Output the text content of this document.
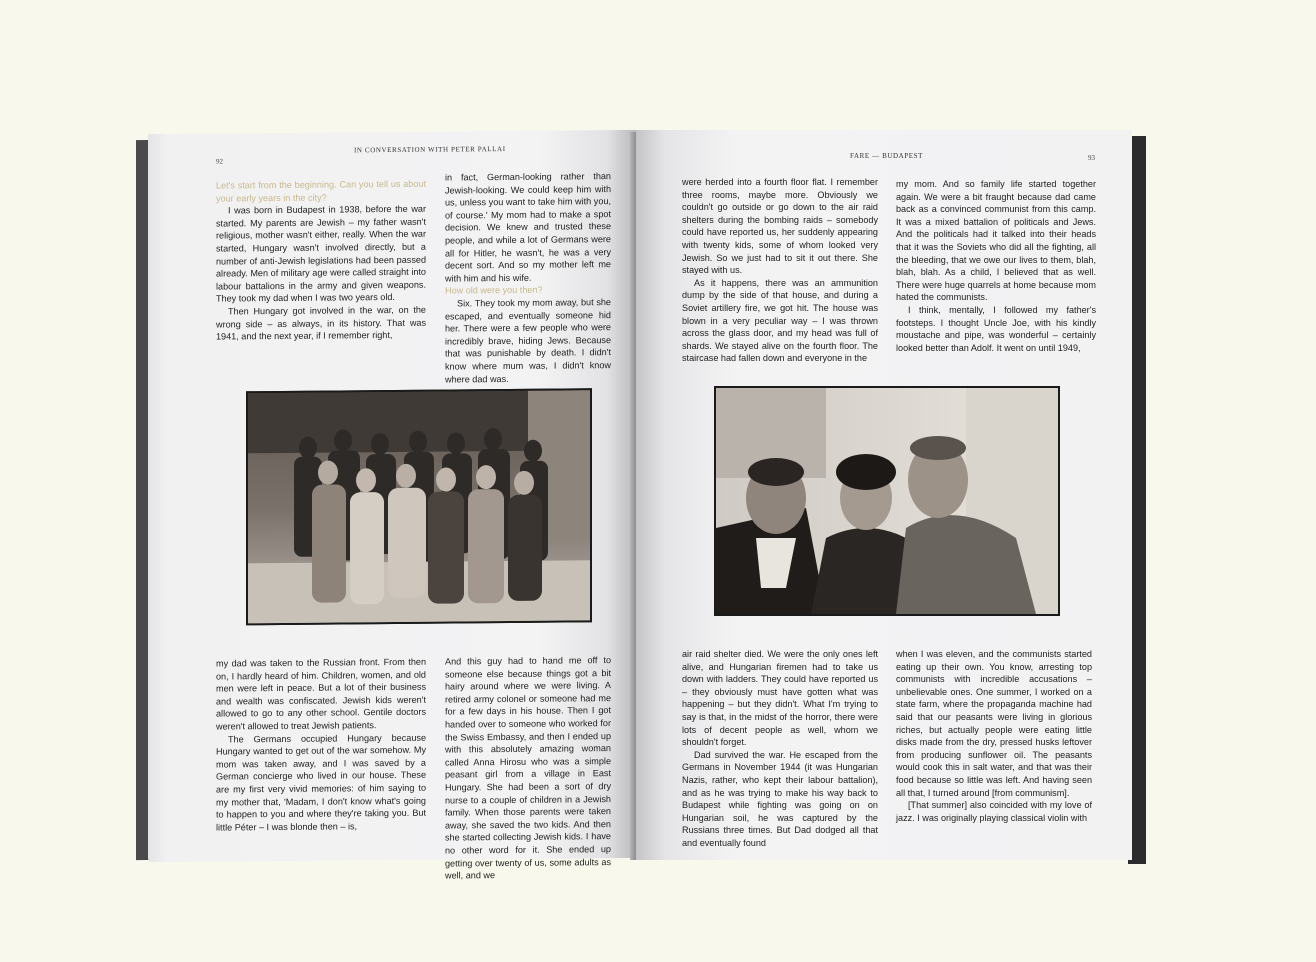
IN CONVERSATION WITH PETER PALLAI
92

Let's start from the beginning. Can you tell us about your early years in the city?

I was born in Budapest in 1938, before the war started. My parents are Jewish – my father wasn't religious, mother wasn't either, really. When the war started, Hungary wasn't involved directly, but a number of anti-Jewish legislations had been passed already. Men of military age were called straight into labour battalions in the army and given weapons. They took my dad when I was two years old.

Then Hungary got involved in the war, on the wrong side – as always, in its history. That was 1941, and the next year, if I remember right,

in fact, German-looking rather than Jewish-looking. We could keep him with us, unless you want to take him with you, of course.' My mom had to make a spot decision. We knew and trusted these people, and while a lot of Germans were all for Hitler, he wasn't, he was a very decent sort. And so my mother left me with him and his wife.

How old were you then?

Six. They took my mom away, but she escaped, and eventually someone hid her. There were a few people who were incredibly brave, hiding Jews. Because that was punishable by death. I didn't know where mum was, I didn't know where dad was.

my dad was taken to the Russian front. From then on, I hardly heard of him. Children, women, and old men were left in peace. But a lot of their business and wealth was confiscated. Jewish kids weren't allowed to go to any other school. Gentile doctors weren't allowed to treat Jewish patients.

The Germans occupied Hungary because Hungary wanted to get out of the war somehow. My mom was taken away, and I was saved by a German concierge who lived in our house. These are my first very vivid memories: of him saying to my mother that, 'Madam, I don't know what's going to happen to you and where they're taking you. But little Péter – I was blonde then – is,

And this guy had to hand me off to someone else because things got a bit hairy around where we were living. A retired army colonel or someone had me for a few days in his house. Then I got handed over to someone who worked for the Swiss Embassy, and then I ended up with this absolutely amazing woman called Anna Hirosu who was a simple peasant girl from a village in East Hungary. She had been a sort of dry nurse to a couple of children in a Jewish family. When those parents were taken away, she saved the two kids. And then she started collecting Jewish kids. I have no other word for it. She ended up getting over twenty of us, some adults as well, and we

FARE — BUDAPEST	93

were herded into a fourth floor flat. I remember three rooms, maybe more. Obviously we couldn't go outside or go down to the air raid shelters during the bombing raids – somebody could have reported us, her suddenly appearing with twenty kids, some of whom looked very Jewish. So we just had to sit it out there. She stayed with us.

As it happens, there was an ammunition dump by the side of that house, and during a Soviet artillery fire, we got hit. The house was blown in a very peculiar way – I was thrown across the glass door, and my head was full of shards. We stayed alive on the fourth floor. The staircase had fallen down and everyone in the

my mom. And so family life started together again. We were a bit fraught because dad came back as a convinced communist from this camp. It was a mixed battalion of politicals and Jews. And the politicals had it talked into their heads that it was the Soviets who did all the fighting, all the bleeding, that we owe our lives to them, blah, blah, blah. As a child, I believed that as well. There were huge quarrels at home because mom hated the communists.

I think, mentally, I followed my father's footsteps. I thought Uncle Joe, with his kindly moustache and pipe, was wonderful – certainly looked better than Adolf. It went on until 1949,

air raid shelter died. We were the only ones left alive, and Hungarian firemen had to take us down with ladders. They could have reported us – they obviously must have gotten what was happening – but they didn't. What I'm trying to say is that, in the midst of the horror, there were lots of decent people as well, whom we shouldn't forget.

Dad survived the war. He escaped from the Germans in November 1944 (it was Hungarian Nazis, rather, who kept their labour battalion), and as he was trying to make his way back to Budapest while fighting was going on on Hungarian soil, he was captured by the Russians three times. But Dad dodged all that and eventually found

when I was eleven, and the communists started eating up their own. You know, arresting top communists with incredible accusations – unbelievable ones. One summer, I worked on a state farm, where the propaganda machine had said that our peasants were living in glorious riches, but actually people were eating little disks made from the dry, pressed husks leftover from producing sunflower oil. The peasants would cook this in salt water, and that was their food because so little was left. And having seen all that, I turned around [from communism].

[That summer] also coincided with my love of jazz. I was originally playing classical violin with
